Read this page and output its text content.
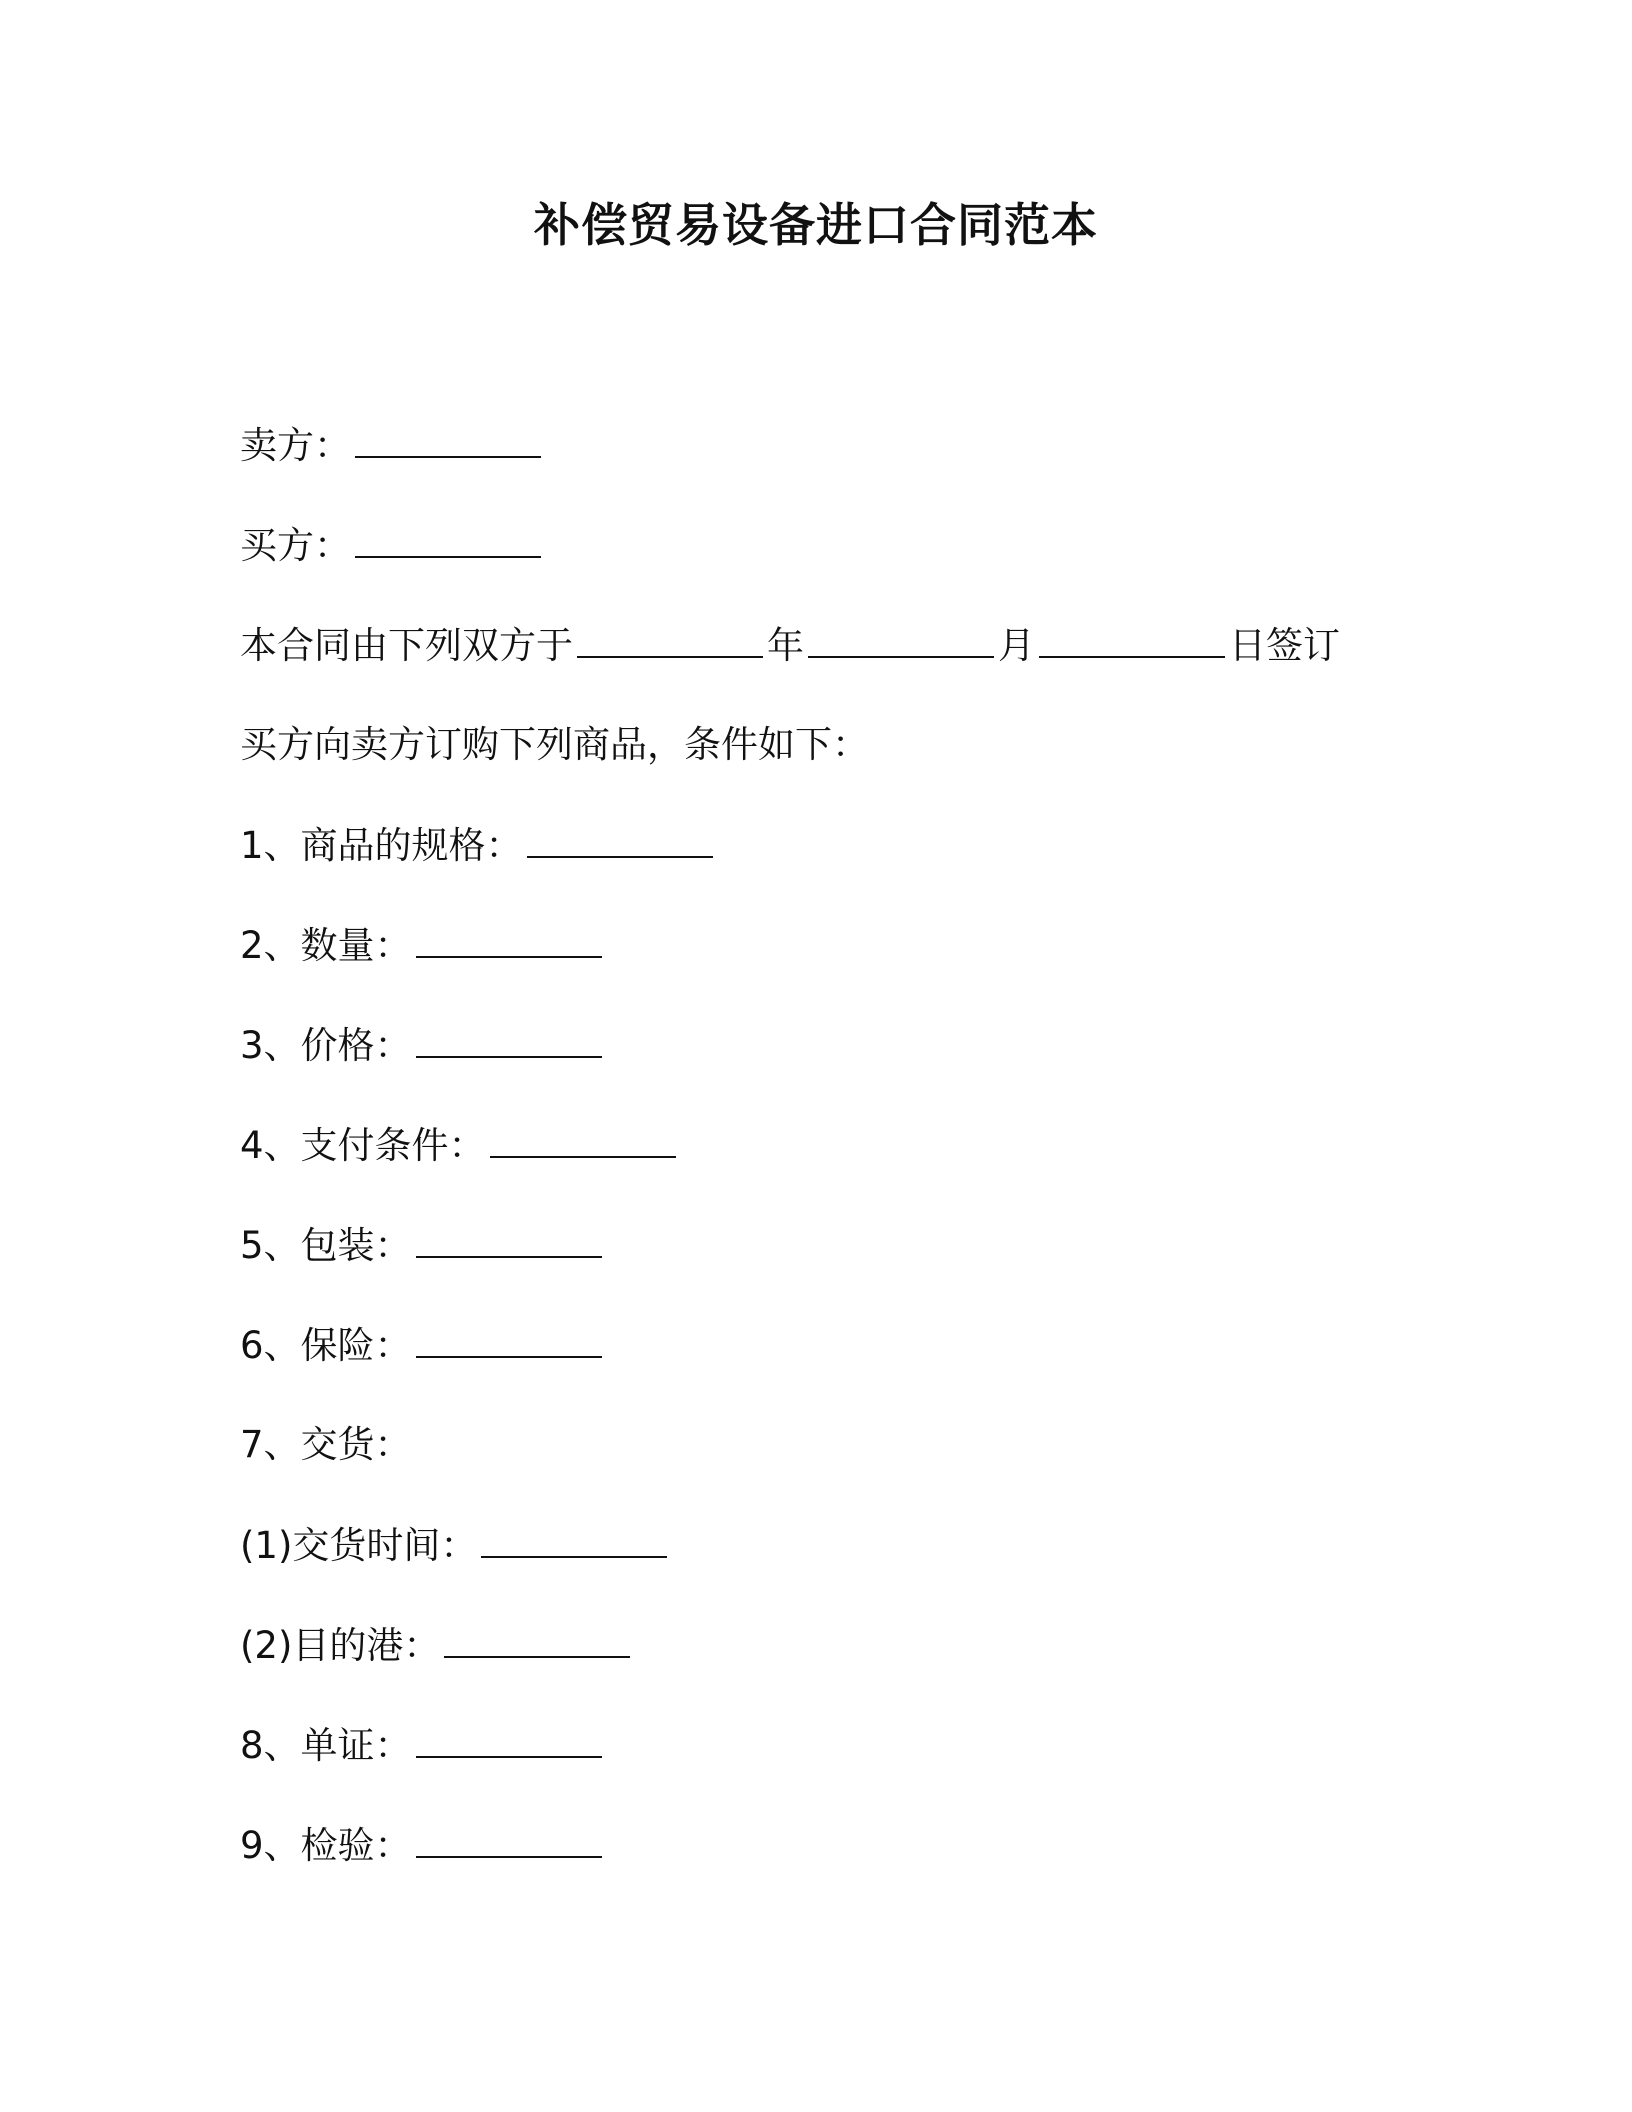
补偿贸易设备进口合同范本
卖方：
买方：
本合同由下列双方于	年	月	日签订
买方向卖方订购下列商品，条件如下：
1、商品的规格：
2、数量：
3、价格：
4、支付条件：
5、包装：
6、保险：
7、交货：
(1)交货时间：
(2)目的港：
8、单证：
9、检验：
